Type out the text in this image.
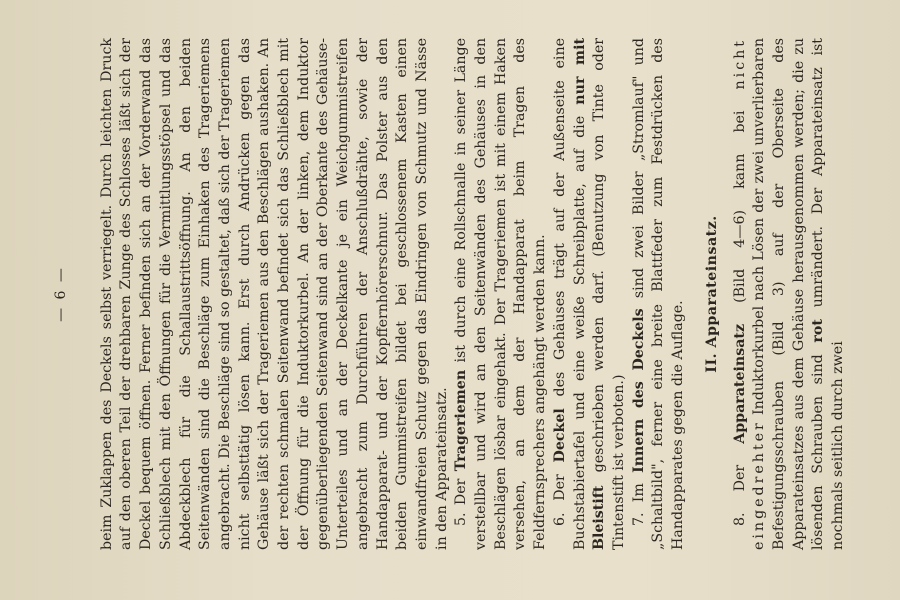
— 6 — beim Zuklappen des Deckels selbst verriegelt. Durch leichten Druck auf den oberen Teil der drehbaren Zunge des Schlosses läßt sich der Deckel bequem öffnen. Ferner befinden sich an der Vorderwand das Schließblech mit den Öffnungen für die Vermittlungsstöpsel und das Abdeckblech für die Schallaustrittsöffnung. An den beiden Seitenwänden sind die Beschläge zum Einhaken des Trageriemens angebracht. Die Beschläge sind so gestaltet, daß sich der Trageriemen nicht selbsttätig lösen kann. Erst durch Andrücken gegen das Gehäuse läßt sich der Trageriemen aus den Beschlägen aushaken. An der rechten schmalen Seitenwand befindet sich das Schließblech mit der Öffnung für die Induktorkurbel. An der linken, dem Induktor gegenüberliegenden Seitenwand sind an der Oberkante des Gehäuse-Unterteiles und an der Deckelkante je ein Weichgummistreifen angebracht zum Durchführen der Anschlußdrähte, sowie der Handapparat- und der Kopffernhörerschnur. Das Polster aus den beiden Gummistreifen bildet bei geschlossenem Kasten einen einwandfreien Schutz gegen das Eindringen von Schmutz und Nässe in den Apparateinsatz. 5. Der Trageriemen ist durch eine Rollschnalle in seiner Länge verstellbar und wird an den Seitenwänden des Gehäuses in den Beschlägen lösbar eingehakt. Der Trageriemen ist mit einem Haken versehen, an dem der Handapparat beim Tragen des Feldfernsprechers angehängt werden kann. 6. Der Deckel des Gehäuses trägt auf der Außenseite eine Buchstabiertafel und eine weiße Schreibplatte, auf die nur mit Bleistift geschrieben werden darf. (Benutzung von Tinte oder Tintenstift ist verboten.) 7. Im Innern des Deckels sind zwei Bilder „Stromlauf" und „Schaltbild", ferner eine breite Blattfeder zum Festdrücken des Handapparates gegen die Auflage.

II. Apparateinsatz.

8. Der Apparateinsatz (Bild 4—6) kann bei nicht eingedrehter Induktorkurbel nach Lösen der zwei unverlierbaren Befestigungsschrauben (Bild 3) auf der Oberseite des Apparateinsatzes aus dem Gehäuse herausgenommen werden; die zu lösenden Schrauben sind rot umrändert. Der Apparateinsatz ist nochmals seitlich durch zwei
